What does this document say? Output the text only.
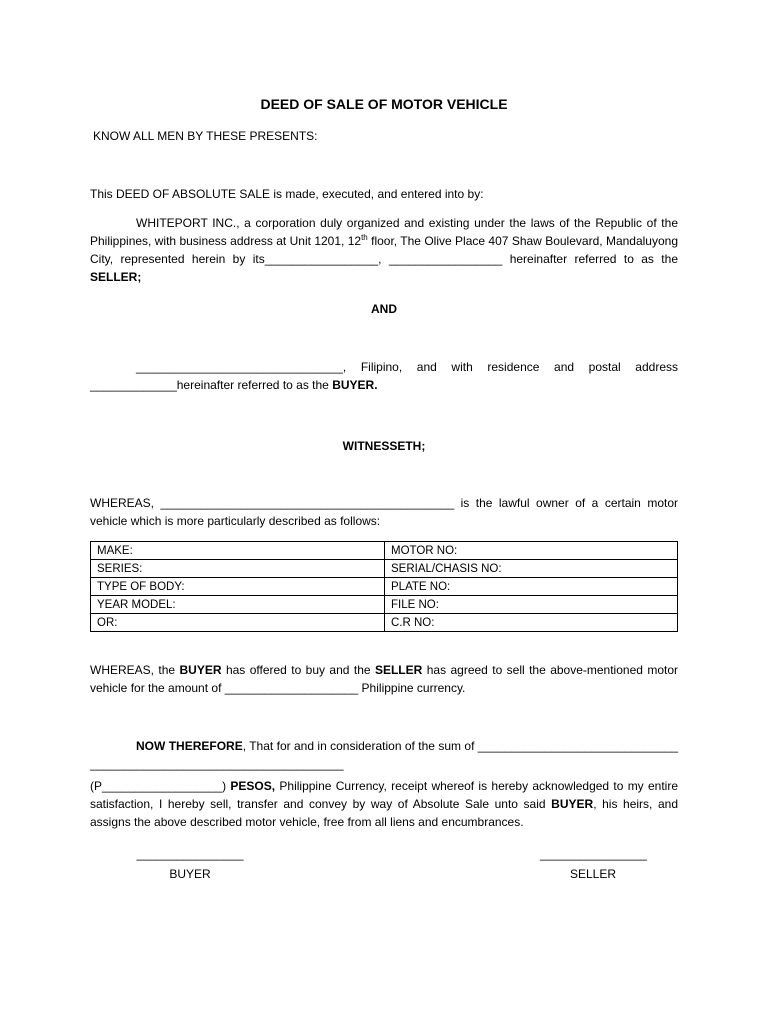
DEED OF SALE OF MOTOR VEHICLE
KNOW ALL MEN BY THESE PRESENTS:
This DEED OF ABSOLUTE SALE is made, executed, and entered into by:
WHITEPORT INC., a corporation duly organized and existing under the laws of the Republic of the Philippines, with business address at Unit 1201, 12th floor, The Olive Place 407 Shaw Boulevard, Mandaluyong City, represented herein by its_________________, _________________ hereinafter referred to as the SELLER;
AND
_______________________________, Filipino, and with residence and postal address _____________hereinafter referred to as the BUYER.
WITNESSETH;
WHEREAS, ____________________________________________ is the lawful owner of a certain motor vehicle which is more particularly described as follows:
MAKE:	MOTOR NO:
SERIES:	SERIAL/CHASIS NO:
TYPE OF BODY:	PLATE NO:
YEAR MODEL:	FILE NO:
OR:	C.R NO:
WHEREAS, the BUYER has offered to buy and the SELLER has agreed to sell the above-mentioned motor vehicle for the amount of ____________________ Philippine currency.
NOW THEREFORE, That for and in consideration of the sum of ____________________________________________________________________
(P__________________) PESOS, Philippine Currency, receipt whereof is hereby acknowledged to my entire satisfaction, I hereby sell, transfer and convey by way of Absolute Sale unto said BUYER, his heirs, and assigns the above described motor vehicle, free from all liens and encumbrances.
________________
BUYER
________________
SELLER
